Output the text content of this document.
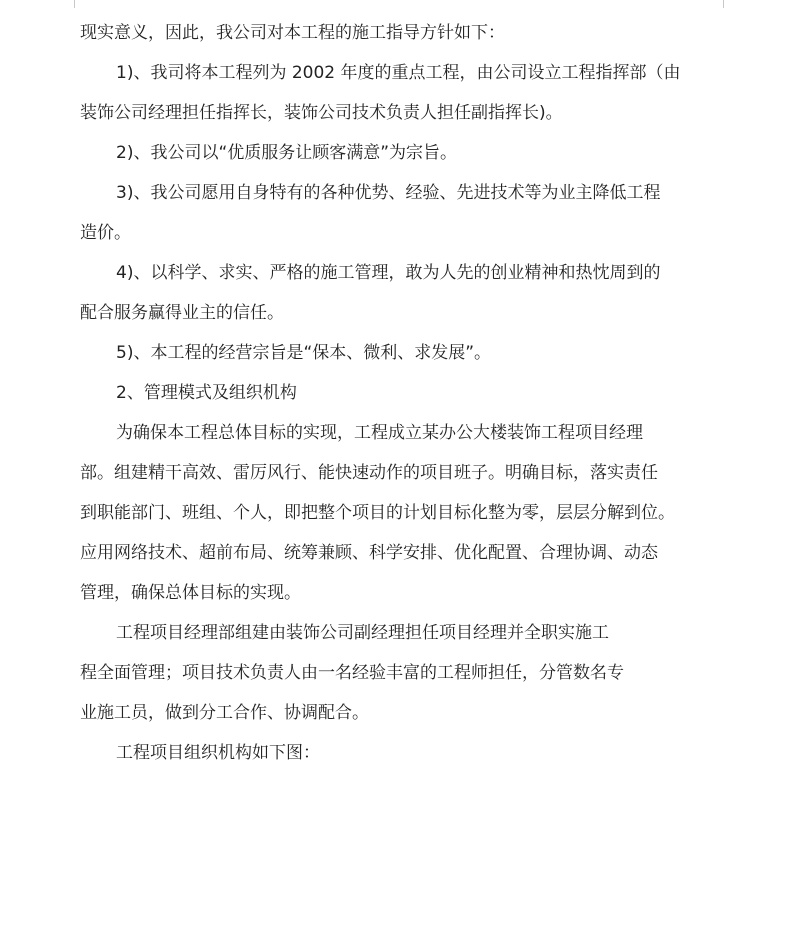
现实意义，因此，我公司对本工程的施工指导方针如下：

1)、我司将本工程列为 2002 年度的重点工程，由公司设立工程指挥部（由
装饰公司经理担任指挥长，装饰公司技术负责人担任副指挥长)。

2)、我公司以“优质服务让顾客满意”为宗旨。

3)、我公司愿用自身特有的各种优势、经验、先进技术等为业主降低工程
造价。

4)、以科学、求实、严格的施工管理，敢为人先的创业精神和热忱周到的
配合服务赢得业主的信任。

5)、本工程的经营宗旨是“保本、微利、求发展”。

2、管理模式及组织机构

为确保本工程总体目标的实现，工程成立某办公大楼装饰工程项目经理
部。组建精干高效、雷厉风行、能快速动作的项目班子。明确目标，落实责任
到职能部门、班组、个人，即把整个项目的计划目标化整为零，层层分解到位。
应用网络技术、超前布局、统筹兼顾、科学安排、优化配置、合理协调、动态
管理，确保总体目标的实现。

工程项目经理部组建由装饰公司副经理担任项目经理并全职实施工
程全面管理；项目技术负责人由一名经验丰富的工程师担任，分管数名专
业施工员，做到分工合作、协调配合。

工程项目组织机构如下图：
